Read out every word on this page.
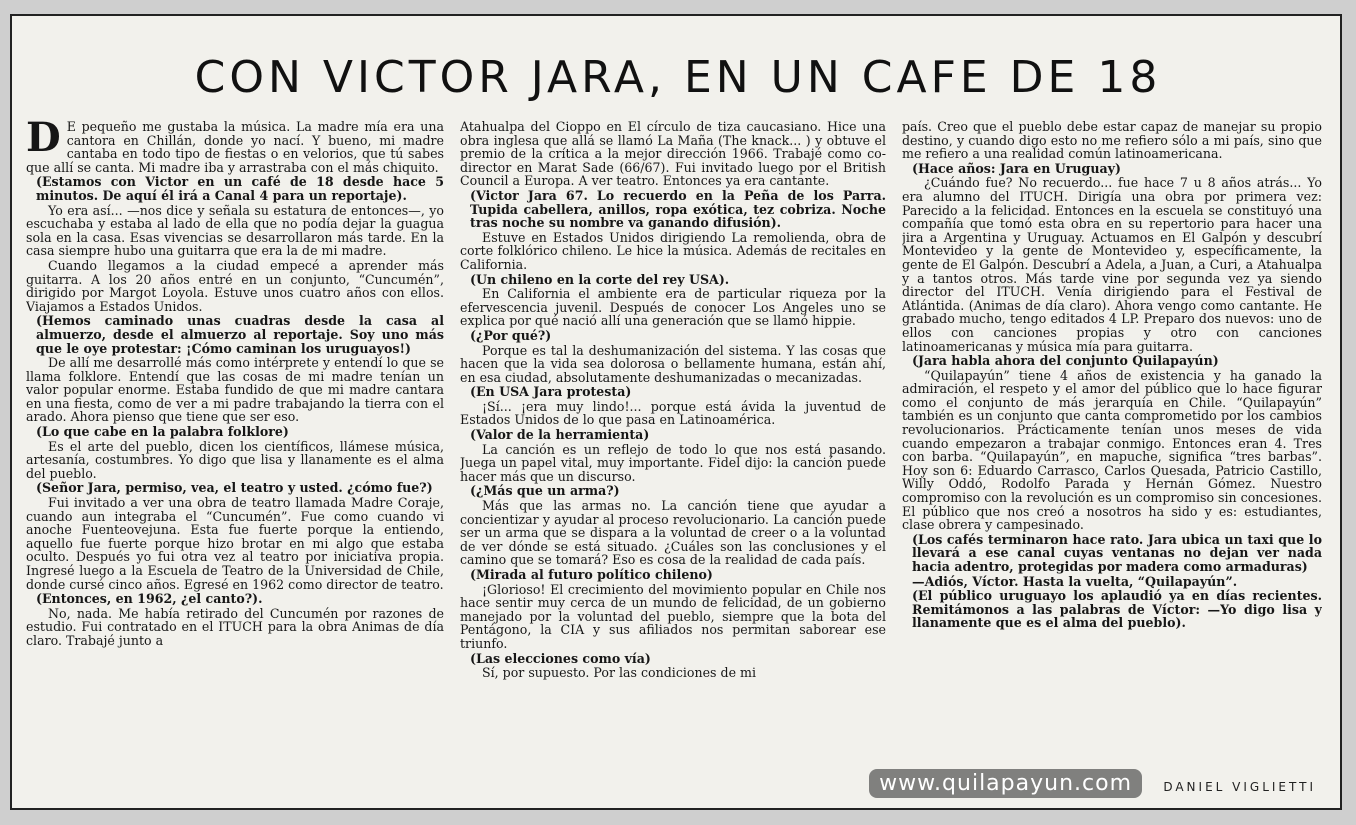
CON VICTOR JARA, EN UN CAFE DE 18

D E pequeño me gustaba la música. La madre mía era una cantora en Chillán, donde yo nací. Y bueno, mi madre cantaba en todo tipo de fiestas o en velorios, que tú sabes que allí se canta. Mi madre iba y arrastraba con el más chiquito.

(Estamos con Victor en un café de 18 desde hace 5 minutos. De aquí él irá a Canal 4 para un reportaje).

Yo era así... —nos dice y señala su estatura de entonces—, yo escuchaba y estaba al lado de ella que no podía dejar la guagua sola en la casa. Esas vivencias se desarrollaron más tarde. En la casa siempre hubo una guitarra que era la de mi madre.

Cuando llegamos a la ciudad empecé a aprender más guitarra. A los 20 años entré en un conjunto, “Cuncumén”, dirigido por Margot Loyola. Estuve unos cuatro años con ellos. Viajamos a Estados Unidos.

(Hemos caminado unas cuadras desde la casa al almuerzo, desde el almuerzo al reportaje. Soy uno más que le oye protestar: ¡Cómo caminan los uruguayos!)

De allí me desarrollé más como intérprete y entendí lo que se llama folklore. Entendí que las cosas de mi madre tenían un valor popular enorme. Estaba fundido de que mi madre cantara en una fiesta, como de ver a mi padre trabajando la tierra con el arado. Ahora pienso que tiene que ser eso.

(Lo que cabe en la palabra folklore)

Es el arte del pueblo, dicen los científicos, llámese música, artesanía, costumbres. Yo digo que lisa y llanamente es el alma del pueblo.

(Señor Jara, permiso, vea, el teatro y usted. ¿cómo fue?)

Fui invitado a ver una obra de teatro llamada Madre Coraje, cuando aun integraba el “Cuncumén”. Fue como cuando vi anoche Fuenteovejuna. Esta fue fuerte porque la entiendo, aquello fue fuerte porque hizo brotar en mi algo que estaba oculto. Después yo fui otra vez al teatro por iniciativa propia. Ingresé luego a la Escuela de Teatro de la Universidad de Chile, donde cursé cinco años. Egresé en 1962 como director de teatro.

(Entonces, en 1962, ¿el canto?).

No, nada. Me había retirado del Cuncumén por razones de estudio. Fui contratado en el ITUCH para la obra Animas de día claro. Trabajé junto a

Atahualpa del Cioppo en El círculo de tiza caucasiano. Hice una obra inglesa que allá se llamó La Maña (The knack... ) y obtuve el premio de la crítica a la mejor dirección 1966. Trabajé como co-director en Marat Sade (66/67). Fui invitado luego por el British Council a Europa. A ver teatro. Entonces ya era cantante.

(Victor Jara 67. Lo recuerdo en la Peña de los Parra. Tupida cabellera, anillos, ropa exótica, tez cobriza. Noche tras noche su nombre va ganando difusión).

Estuve en Estados Unidos dirigiendo La remolienda, obra de corte folklórico chileno. Le hice la música. Además de recitales en California.

(Un chileno en la corte del rey USA).

En California el ambiente era de particular riqueza por la efervescencia juvenil. Después de conocer Los Angeles uno se explica por qué nació allí una generación que se llamó hippie.

(¿Por qué?)

Porque es tal la deshumanización del sistema. Y las cosas que hacen que la vida sea dolorosa o bellamente humana, están ahí, en esa ciudad, absolutamente deshumanizadas o mecanizadas.

(En USA Jara protesta)

¡Sí... ¡era muy lindo!... porque está ávida la juventud de Estados Unidos de lo que pasa en Latinoamérica.

(Valor de la herramienta)

La canción es un reflejo de todo lo que nos está pasando. Juega un papel vital, muy importante. Fidel dijo: la canción puede hacer más que un discurso.

(¿Más que un arma?)

Más que las armas no. La canción tiene que ayudar a concientizar y ayudar al proceso revolucionario. La canción puede ser un arma que se dispara a la voluntad de creer o a la voluntad de ver dónde se está situado. ¿Cuáles son las conclusiones y el camino que se tomará? Eso es cosa de la realidad de cada país.

(Mirada al futuro político chileno)

¡Glorioso! El crecimiento del movimiento popular en Chile nos hace sentir muy cerca de un mundo de felicidad, de un gobierno manejado por la voluntad del pueblo, siempre que la bota del Pentágono, la CIA y sus afiliados nos permitan saborear ese triunfo.

(Las elecciones como vía)

Sí, por supuesto. Por las condiciones de mi

país. Creo que el pueblo debe estar capaz de manejar su propio destino, y cuando digo esto no me refiero sólo a mi país, sino que me refiero a una realidad común latinoamericana.

(Hace años: Jara en Uruguay)

¿Cuándo fue? No recuerdo... fue hace 7 u 8 años atrás... Yo era alumno del ITUCH. Dirigía una obra por primera vez: Parecido a la felicidad. Entonces en la escuela se constituyó una compañía que tomó esta obra en su repertorio para hacer una jira a Argentina y Uruguay. Actuamos en El Galpón y descubrí Montevideo y la gente de Montevideo y, específicamente, la gente de El Galpón. Descubrí a Adela, a Juan, a Curi, a Atahualpa y a tantos otros. Más tarde vine por segunda vez ya siendo director del ITUCH. Venía dirigiendo para el Festival de Atlántida. (Animas de día claro). Ahora vengo como cantante. He grabado mucho, tengo editados 4 LP. Preparo dos nuevos: uno de ellos con canciones propias y otro con canciones latinoamericanas y música mía para guitarra.

(Jara habla ahora del conjunto Quilapayún)

“Quilapayún” tiene 4 años de existencia y ha ganado la admiración, el respeto y el amor del público que lo hace figurar como el conjunto de más jerarquía en Chile. “Quilapayún” también es un conjunto que canta comprometido por los cambios revolucionarios. Prácticamente tenían unos meses de vida cuando empezaron a trabajar conmigo. Entonces eran 4. Tres con barba. “Quilapayún”, en mapuche, significa “tres barbas”. Hoy son 6: Eduardo Carrasco, Carlos Quesada, Patricio Castillo, Willy Oddó, Rodolfo Parada y Hernán Gómez. Nuestro compromiso con la revolución es un compromiso sin concesiones. El público que nos creó a nosotros ha sido y es: estudiantes, clase obrera y campesinado.

(Los cafés terminaron hace rato. Jara ubica un taxi que lo llevará a ese canal cuyas ventanas no dejan ver nada hacia adentro, protegidas por madera como armaduras)

—Adiós, Víctor. Hasta la vuelta, “Quilapayún”.

(El público uruguayo los aplaudió ya en días recientes. Remitámonos a las palabras de Víctor: —Yo digo lisa y llanamente que es el alma del pueblo).

www.quilapayun.com	DANIEL VIGLIETTI
